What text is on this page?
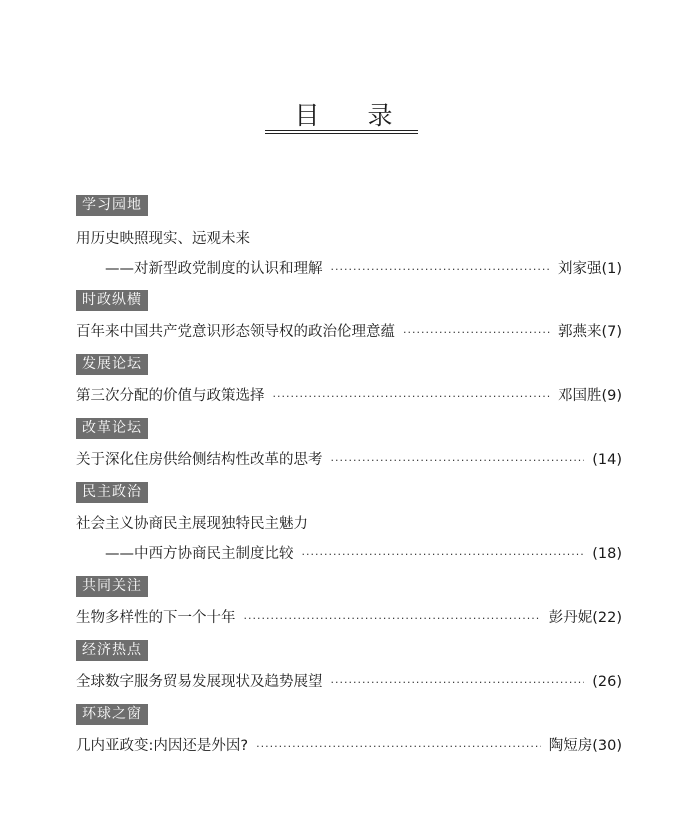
目录
学习园地
用历史映照现实、远观未来
——对新型政党制度的认识和理解 ·····	刘家强(1)
时政纵横
百年来中国共产党意识形态领导权的政治伦理意蕴 ·····	郭燕来(7)
发展论坛
第三次分配的价值与政策选择 ·····	邓国胜(9)
改革论坛
关于深化住房供给侧结构性改革的思考 ·····	(14)
民主政治
社会主义协商民主展现独特民主魅力
——中西方协商民主制度比较 ·····	(18)
共同关注
生物多样性的下一个十年 ·····	彭丹妮(22)
经济热点
全球数字服务贸易发展现状及趋势展望 ·····	(26)
环球之窗
几内亚政变:内因还是外因? ·····	陶短房(30)
